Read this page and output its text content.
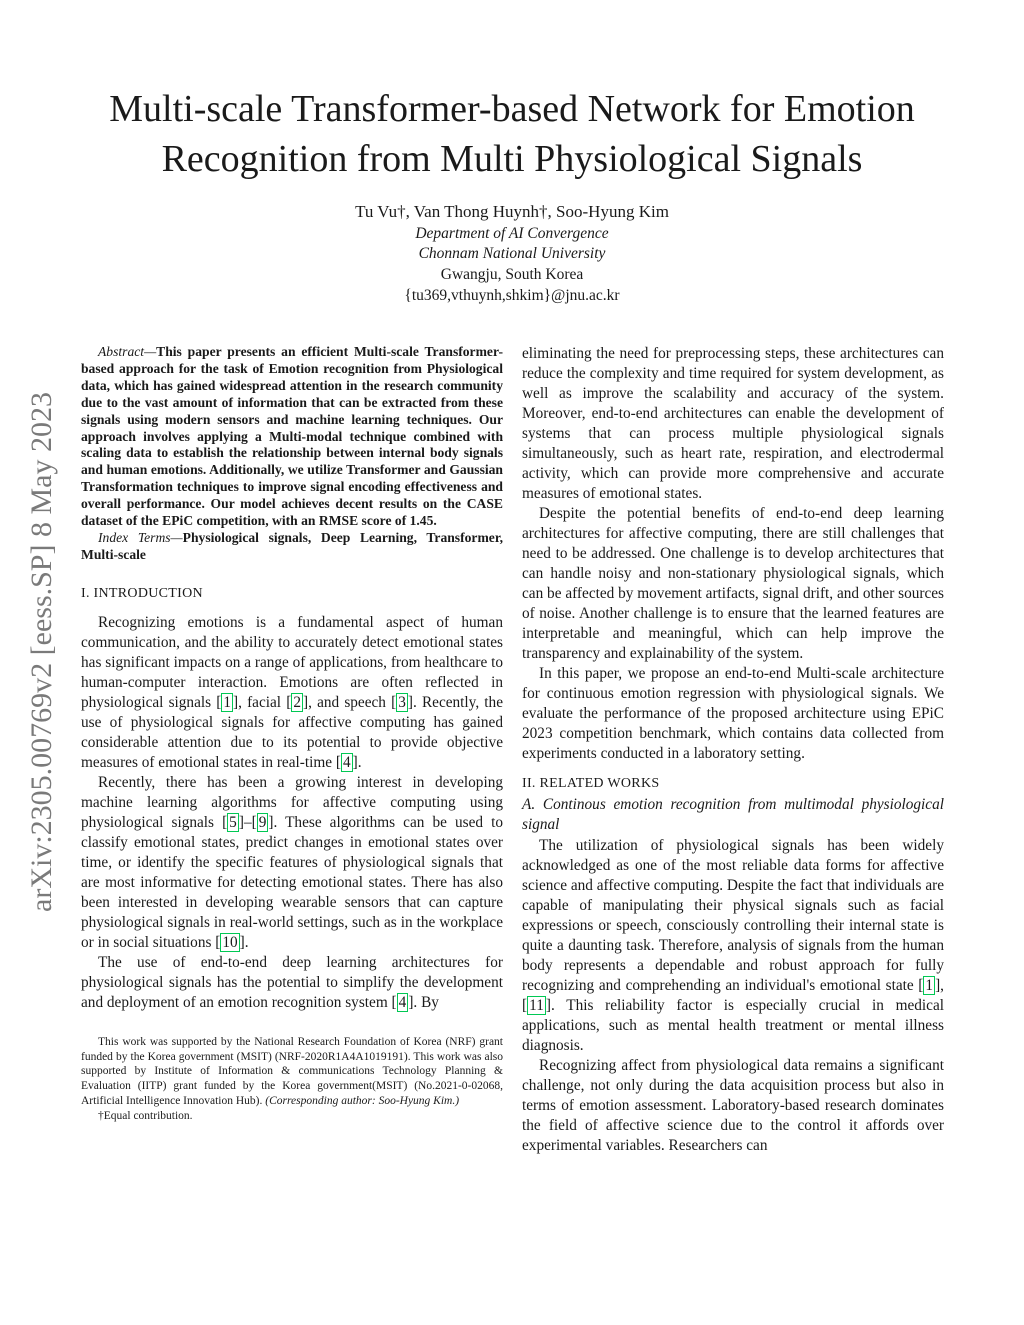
arXiv:2305.00769v2 [eess.SP] 8 May 2023
Multi-scale Transformer-based Network for Emotion Recognition from Multi Physiological Signals
Tu Vu†, Van Thong Huynh†, Soo-Hyung Kim
Department of AI Convergence
Chonnam National University
Gwangju, South Korea
{tu369,vthuynh,shkim}@jnu.ac.kr

Abstract—This paper presents an efficient Multi-scale Transformer-based approach for the task of Emotion recognition from Physiological data, which has gained widespread attention in the research community due to the vast amount of information that can be extracted from these signals using modern sensors and machine learning techniques. Our approach involves applying a Multi-modal technique combined with scaling data to establish the relationship between internal body signals and human emotions. Additionally, we utilize Transformer and Gaussian Transformation techniques to improve signal encoding effectiveness and overall performance. Our model achieves decent results on the CASE dataset of the EPiC competition, with an RMSE score of 1.45.

Index Terms—Physiological signals, Deep Learning, Transformer, Multi-scale

I. INTRODUCTION

Recognizing emotions is a fundamental aspect of human communication, and the ability to accurately detect emotional states has significant impacts on a range of applications, from healthcare to human-computer interaction. Emotions are often reflected in physiological signals [ 1 ], facial [ 2 ], and speech [ 3 ]. Recently, the use of physiological signals for affective computing has gained considerable attention due to its potential to provide objective measures of emotional states in real-time [ 4 ].

Recently, there has been a growing interest in developing machine learning algorithms for affective computing using physiological signals [ 5 ]–[ 9 ]. These algorithms can be used to classify emotional states, predict changes in emotional states over time, or identify the specific features of physiological signals that are most informative for detecting emotional states. There has also been interested in developing wearable sensors that can capture physiological signals in real-world settings, such as in the workplace or in social situations [ 10 ].

The use of end-to-end deep learning architectures for physiological signals has the potential to simplify the development and deployment of an emotion recognition system [ 4 ]. By

This work was supported by the National Research Foundation of Korea (NRF) grant funded by the Korea government (MSIT) (NRF-2020R1A4A1019191). This work was also supported by Institute of Information & communications Technology Planning & Evaluation (IITP) grant funded by the Korea government(MSIT) (No.2021-0-02068, Artificial Intelligence Innovation Hub). (Corresponding author: Soo-Hyung Kim.)

†Equal contribution.

eliminating the need for preprocessing steps, these architectures can reduce the complexity and time required for system development, as well as improve the scalability and accuracy of the system. Moreover, end-to-end architectures can enable the development of systems that can process multiple physiological signals simultaneously, such as heart rate, respiration, and electrodermal activity, which can provide more comprehensive and accurate measures of emotional states.

Despite the potential benefits of end-to-end deep learning architectures for affective computing, there are still challenges that need to be addressed. One challenge is to develop architectures that can handle noisy and non-stationary physiological signals, which can be affected by movement artifacts, signal drift, and other sources of noise. Another challenge is to ensure that the learned features are interpretable and meaningful, which can help improve the transparency and explainability of the system.

In this paper, we propose an end-to-end Multi-scale architecture for continuous emotion regression with physiological signals. We evaluate the performance of the proposed architecture using EPiC 2023 competition benchmark, which contains data collected from experiments conducted in a laboratory setting.

II. RELATED WORKS

A. Continous emotion recognition from multimodal physiological signal

The utilization of physiological signals has been widely acknowledged as one of the most reliable data forms for affective science and affective computing. Despite the fact that individuals are capable of manipulating their physical signals such as facial expressions or speech, consciously controlling their internal state is quite a daunting task. Therefore, analysis of signals from the human body represents a dependable and robust approach for fully recognizing and comprehending an individual's emotional state [ 1 ], [ 11 ]. This reliability factor is especially crucial in medical applications, such as mental health treatment or mental illness diagnosis.

Recognizing affect from physiological data remains a significant challenge, not only during the data acquisition process but also in terms of emotion assessment. Laboratory-based research dominates the field of affective science due to the control it affords over experimental variables. Researchers can
